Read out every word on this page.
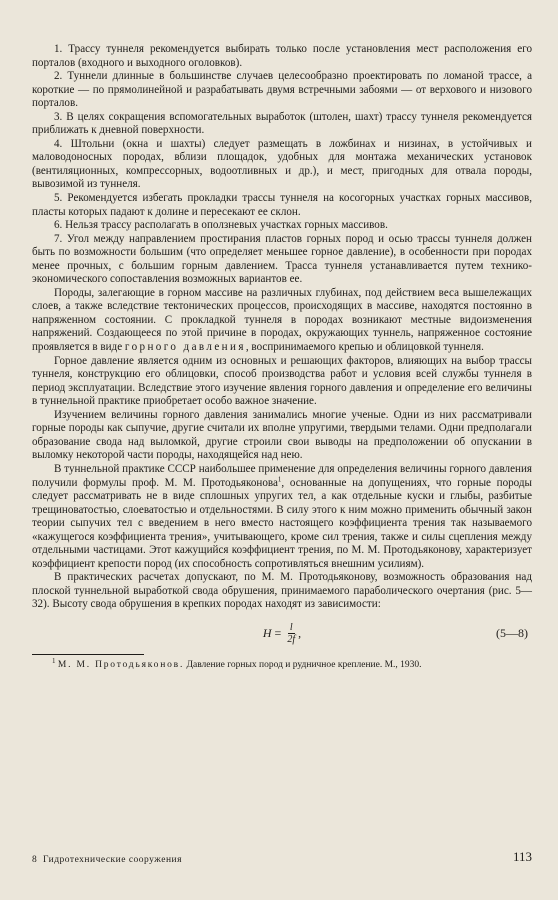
1. Трассу туннеля рекомендуется выбирать только после установления мест расположения его порталов (входного и выходного оголовков).

2. Туннели длинные в большинстве случаев целесообразно проектировать по ломаной трассе, а короткие — по прямолинейной и разрабатывать двумя встречными забоями — от верхового и низового порталов.

3. В целях сокращения вспомогательных выработок (штолен, шахт) трассу туннеля рекомендуется приближать к дневной поверхности.

4. Штольни (окна и шахты) следует размещать в ложбинах и низинах, в устойчивых и маловодоносных породах, вблизи площадок, удобных для монтажа механических установок (вентиляционных, компрессорных, водоотливных и др.), и мест, пригодных для отвала породы, вывозимой из туннеля.

5. Рекомендуется избегать прокладки трассы туннеля на косогорных участках горных массивов, пласты которых падают к долине и пересекают ее склон.

6. Нельзя трассу располагать в оползневых участках горных массивов.

7. Угол между направлением простирания пластов горных пород и осью трассы туннеля должен быть по возможности большим (что определяет меньшее горное давление), в особенности при породах менее прочных, с большим горным давлением. Трасса туннеля устанавливается путем технико-экономического сопоставления возможных вариантов ее.

Породы, залегающие в горном массиве на различных глубинах, под действием веса вышележащих слоев, а также вследствие тектонических процессов, происходящих в массиве, находятся постоянно в напряженном состоянии. С прокладкой туннеля в породах возникают местные видоизменения напряжений. Создающееся по этой причине в породах, окружающих туннель, напряженное состояние проявляется в виде горного давления, воспринимаемого крепью и облицовкой туннеля.

Горное давление является одним из основных и решающих факторов, влияющих на выбор трассы туннеля, конструкцию его облицовки, способ производства работ и условия всей службы туннеля в период эксплуатации. Вследствие этого изучение явления горного давления и определение его величины в туннельной практике приобретает особо важное значение.

Изучением величины горного давления занимались многие ученые. Одни из них рассматривали горные породы как сыпучие, другие считали их вполне упругими, твердыми телами. Одни предполагали образование свода над выломкой, другие строили свои выводы на предположении об опускании в выломку некоторой части породы, находящейся над нею.

В туннельной практике СССР наибольшее применение для определения величины горного давления получили формулы проф. М. М. Протодьяконова$^1$, основанные на допущениях, что горные породы следует рассматривать не в виде сплошных упругих тел, а как отдельные куски и глыбы, разбитые трещиноватостью, слоеватостью и отдельностями. В силу этого к ним можно применить обычный закон теории сыпучих тел с введением в него вместо настоящего коэффициента трения так называемого «кажущегося коэффициента трения», учитывающего, кроме сил трения, также и силы сцепления между отдельными частицами. Этот кажущийся коэффициент трения, по М. М. Протодьяконову, характеризует коэффициент крепости пород (их способность сопротивляться внешним усилиям).

В практических расчетах допускают, по М. М. Протодьяконову, возможность образования над плоской туннельной выработкой свода обрушения, принимаемого параболического очертания (рис. 5—32). Высоту свода обрушения в крепких породах находят из зависимости:

$H = \frac{l}{2f}$ ,	(5—8)

$^1$ М. М. Протодьяконов. Давление горных пород и рудничное крепление. М., 1930.

8  Гидротехнические сооружения	113
